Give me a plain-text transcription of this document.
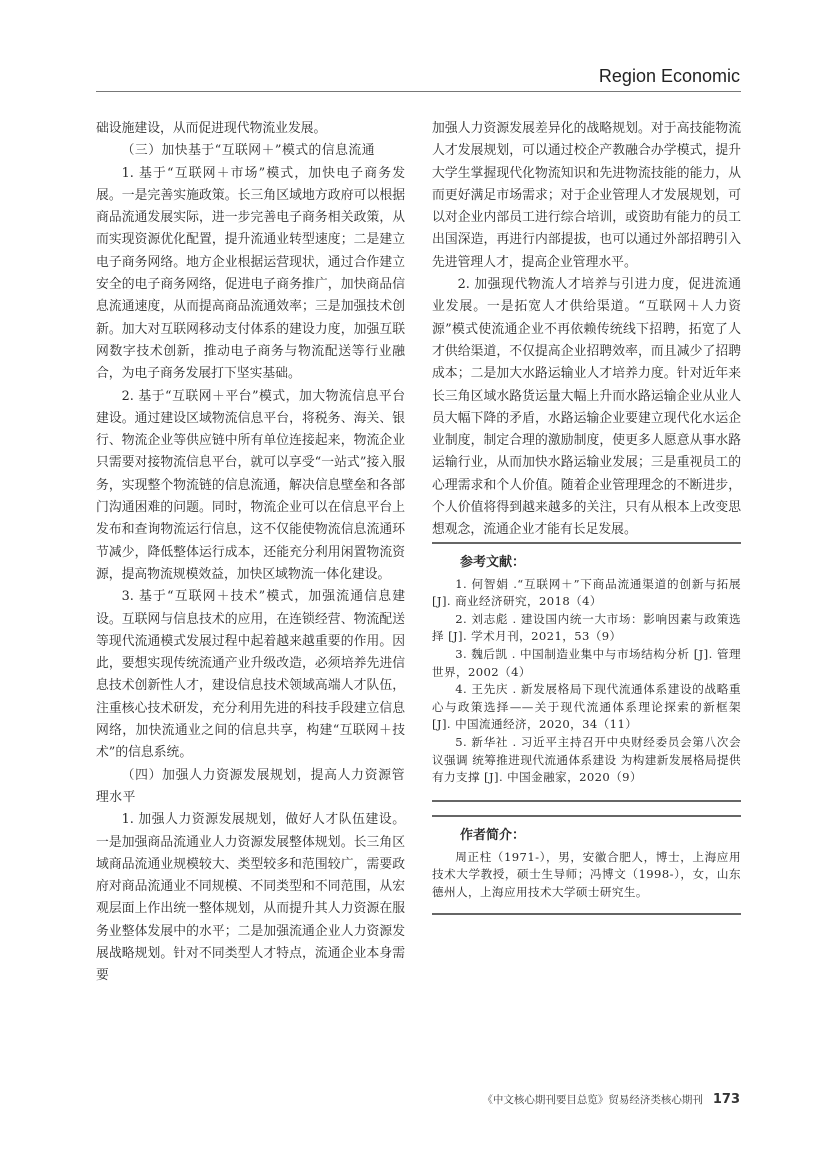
Region Economic

础设施建设，从而促进现代物流业发展。

（三）加快基于“互联网＋”模式的信息流通

1. 基于“互联网＋市场”模式，加快电子商务发展。一是完善实施政策。长三角区域地方政府可以根据商品流通发展实际，进一步完善电子商务相关政策，从而实现资源优化配置，提升流通业转型速度；二是建立电子商务网络。地方企业根据运营现状，通过合作建立安全的电子商务网络，促进电子商务推广，加快商品信息流通速度，从而提高商品流通效率；三是加强技术创新。加大对互联网移动支付体系的建设力度，加强互联网数字技术创新，推动电子商务与物流配送等行业融合，为电子商务发展打下坚实基础。

2. 基于“互联网＋平台”模式，加大物流信息平台建设。通过建设区域物流信息平台，将税务、海关、银行、物流企业等供应链中所有单位连接起来，物流企业只需要对接物流信息平台，就可以享受“一站式”接入服务，实现整个物流链的信息流通，解决信息壁垒和各部门沟通困难的问题。同时，物流企业可以在信息平台上发布和查询物流运行信息，这不仅能使物流信息流通环节减少，降低整体运行成本，还能充分利用闲置物流资源，提高物流规模效益，加快区域物流一体化建设。

3. 基于“互联网＋技术”模式，加强流通信息建设。互联网与信息技术的应用，在连锁经营、物流配送等现代流通模式发展过程中起着越来越重要的作用。因此，要想实现传统流通产业升级改造，必须培养先进信息技术创新性人才，建设信息技术领域高端人才队伍，注重核心技术研发，充分利用先进的科技手段建立信息网络，加快流通业之间的信息共享，构建“互联网＋技术”的信息系统。

（四）加强人力资源发展规划，提高人力资源管理水平

1. 加强人力资源发展规划，做好人才队伍建设。一是加强商品流通业人力资源发展整体规划。长三角区域商品流通业规模较大、类型较多和范围较广，需要政府对商品流通业不同规模、不同类型和不同范围，从宏观层面上作出统一整体规划，从而提升其人力资源在服务业整体发展中的水平；二是加强流通企业人力资源发展战略规划。针对不同类型人才特点，流通企业本身需要

加强人力资源发展差异化的战略规划。对于高技能物流人才发展规划，可以通过校企产教融合办学模式，提升大学生掌握现代化物流知识和先进物流技能的能力，从而更好满足市场需求；对于企业管理人才发展规划，可以对企业内部员工进行综合培训，或资助有能力的员工出国深造，再进行内部提拔，也可以通过外部招聘引入先进管理人才，提高企业管理水平。

2. 加强现代物流人才培养与引进力度，促进流通业发展。一是拓宽人才供给渠道。“互联网＋人力资源”模式使流通企业不再依赖传统线下招聘，拓宽了人才供给渠道，不仅提高企业招聘效率，而且减少了招聘成本；二是加大水路运输业人才培养力度。针对近年来长三角区域水路货运量大幅上升而水路运输企业从业人员大幅下降的矛盾，水路运输企业要建立现代化水运企业制度，制定合理的激励制度，使更多人愿意从事水路运输行业，从而加快水路运输业发展；三是重视员工的心理需求和个人价值。随着企业管理理念的不断进步，个人价值将得到越来越多的关注，只有从根本上改变思想观念，流通企业才能有长足发展。

参考文献：

1. 何智娟 .“互联网＋”下商品流通渠道的创新与拓展 [J]. 商业经济研究，2018（4）

2. 刘志彪 . 建设国内统一大市场：影响因素与政策选择 [J]. 学术月刊，2021，53（9）

3. 魏后凯 . 中国制造业集中与市场结构分析 [J]. 管理世界，2002（4）

4. 王先庆 . 新发展格局下现代流通体系建设的战略重心与政策选择——关于现代流通体系理论探索的新框架 [J]. 中国流通经济，2020，34（11）

5. 新华社 . 习近平主持召开中央财经委员会第八次会议强调 统筹推进现代流通体系建设 为构建新发展格局提供有力支撑 [J]. 中国金融家，2020（9）

作者简介：

周正柱（1971-），男，安徽合肥人，博士，上海应用技术大学教授，硕士生导师；冯博文（1998-），女，山东德州人，上海应用技术大学硕士研究生。

《中文核心期刊要目总览》贸易经济类核心期刊 173
